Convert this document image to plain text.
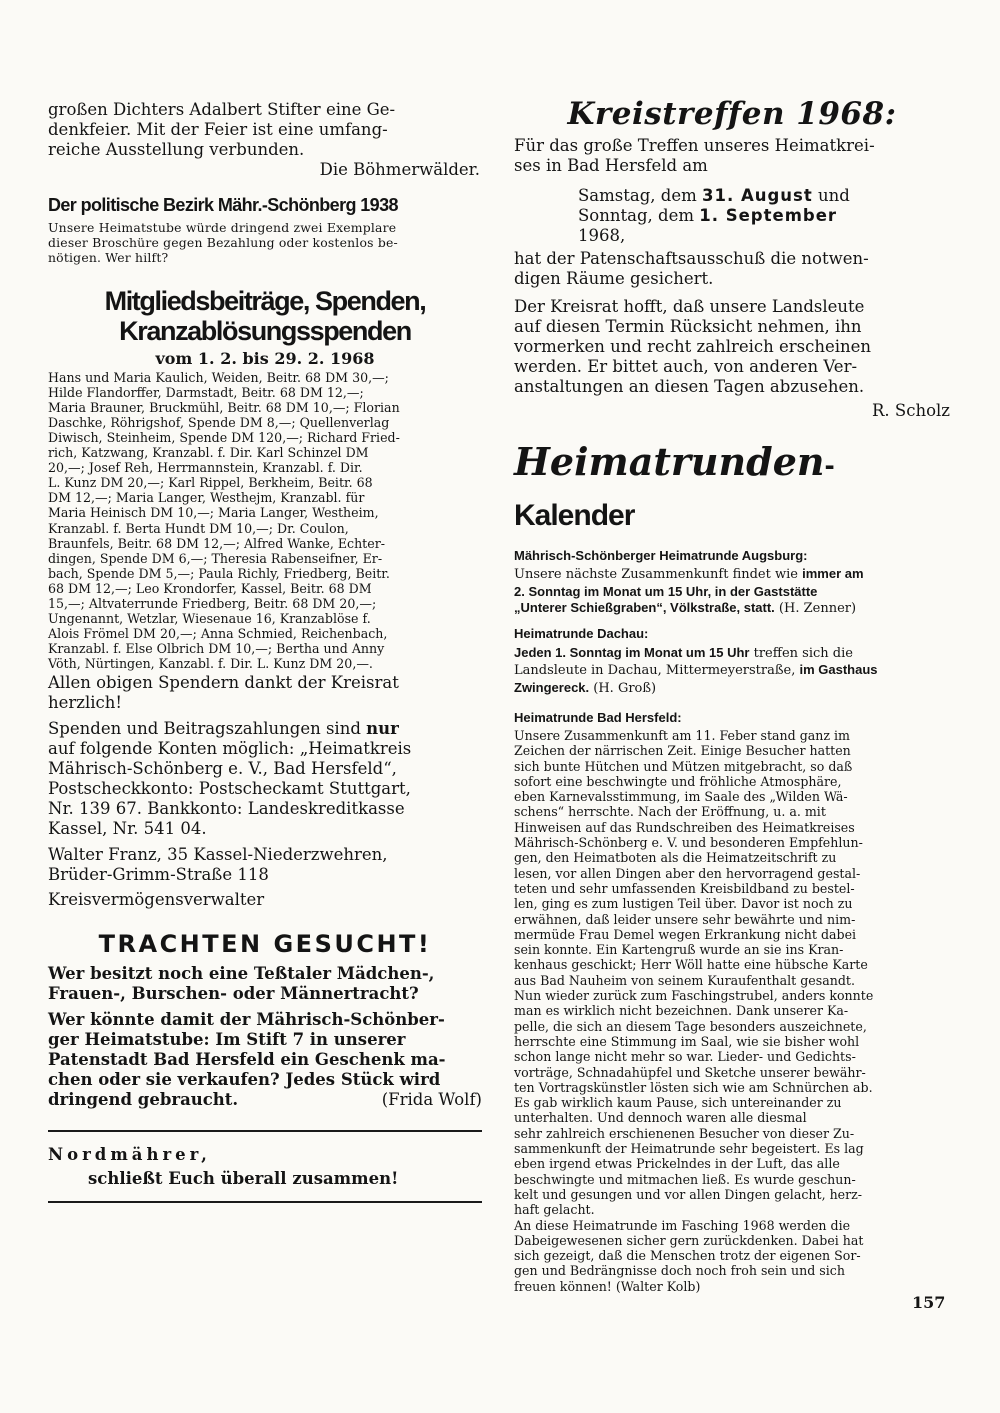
großen Dichters Adalbert Stifter eine Ge-

denkfeier. Mit der Feier ist eine umfang-

reiche Ausstellung verbunden.

Die Böhmerwälder.

Der politische Bezirk Mähr.-Schönberg 1938

Unsere Heimatstube würde dringend zwei Exemplare

dieser Broschüre gegen Bezahlung oder kostenlos be-

nötigen. Wer hilft?

Mitgliedsbeiträge, Spenden,

Kranzablösungsspenden

vom 1. 2. bis 29. 2. 1968

Hans und Maria Kaulich, Weiden, Beitr. 68 DM 30,—;

Hilde Flandorffer, Darmstadt, Beitr. 68 DM 12,—;

Maria Brauner, Bruckmühl, Beitr. 68 DM 10,—; Florian

Daschke, Röhrigshof, Spende DM 8,—; Quellenverlag

Diwisch, Steinheim, Spende DM 120,—; Richard Fried-

rich, Katzwang, Kranzabl. f. Dir. Karl Schinzel DM

20,—; Josef Reh, Herrmannstein, Kranzabl. f. Dir.

L. Kunz DM 20,—; Karl Rippel, Berkheim, Beitr. 68

DM 12,—; Maria Langer, Westhejm, Kranzabl. für

Maria Heinisch DM 10,—; Maria Langer, Westheim,

Kranzabl. f. Berta Hundt DM 10,—; Dr. Coulon,

Braunfels, Beitr. 68 DM 12,—; Alfred Wanke, Echter-

dingen, Spende DM 6,—; Theresia Rabenseifner, Er-

bach, Spende DM 5,—; Paula Richly, Friedberg, Beitr.

68 DM 12,—; Leo Krondorfer, Kassel, Beitr. 68 DM

15,—; Altvaterrunde Friedberg, Beitr. 68 DM 20,—;

Ungenannt, Wetzlar, Wiesenaue 16, Kranzablöse f.

Alois Frömel DM 20,—; Anna Schmied, Reichenbach,

Kranzabl. f. Else Olbrich DM 10,—; Bertha und Anny

Vöth, Nürtingen, Kanzabl. f. Dir. L. Kunz DM 20,—.

Allen obigen Spendern dankt der Kreisrat

herzlich!

Spenden und Beitragszahlungen sind nur

auf folgende Konten möglich: „Heimatkreis

Mährisch-Schönberg e. V., Bad Hersfeld“,

Postscheckkonto: Postscheckamt Stuttgart,

Nr. 139 67. Bankkonto: Landeskreditkasse

Kassel, Nr. 541 04.

Walter Franz, 35 Kassel-Niederzwehren,

Brüder-Grimm-Straße 118

Kreisvermögensverwalter

TRACHTEN GESUCHT!

Wer besitzt noch eine Teßtaler Mädchen-,

Frauen-, Burschen- oder Männertracht?

Wer könnte damit der Mährisch-Schönber-

ger Heimatstube: Im Stift 7 in unserer

Patenstadt Bad Hersfeld ein Geschenk ma-

chen oder sie verkaufen? Jedes Stück wird

dringend gebraucht.	(Frida Wolf)

Nordmährer,

schließt Euch überall zusammen!

Kreistreffen 1968:

Für das große Treffen unseres Heimatkrei-

ses in Bad Hersfeld am

Samstag, dem 31. August und

Sonntag, dem 1. September

1968,

hat der Patenschaftsausschuß die notwen-

digen Räume gesichert.

Der Kreisrat hofft, daß unsere Landsleute

auf diesen Termin Rücksicht nehmen, ihn

vormerken und recht zahlreich erscheinen

werden. Er bittet auch, von anderen Ver-

anstaltungen an diesen Tagen abzusehen.

R. Scholz

Heimatrunden-Kalender

Mährisch-Schönberger Heimatrunde Augsburg:

Unsere nächste Zusammenkunft findet wie immer am

2. Sonntag im Monat um 15 Uhr, in der Gaststätte

„Unterer Schießgraben“, Völkstraße, statt. (H. Zenner)

Heimatrunde Dachau:

Jeden 1. Sonntag im Monat um 15 Uhr treffen sich die

Landsleute in Dachau, Mittermeyerstraße, im Gasthaus

Zwingereck. (H. Groß)

Heimatrunde Bad Hersfeld:

Unsere Zusammenkunft am 11. Feber stand ganz im

Zeichen der närrischen Zeit. Einige Besucher hatten

sich bunte Hütchen und Mützen mitgebracht, so daß

sofort eine beschwingte und fröhliche Atmosphäre,

eben Karnevalsstimmung, im Saale des „Wilden Wä-

schens“ herrschte. Nach der Eröffnung, u. a. mit

Hinweisen auf das Rundschreiben des Heimatkreises

Mährisch-Schönberg e. V. und besonderen Empfehlun-

gen, den Heimatboten als die Heimatzeitschrift zu

lesen, vor allen Dingen aber den hervorragend gestal-

teten und sehr umfassenden Kreisbildband zu bestel-

len, ging es zum lustigen Teil über. Davor ist noch zu

erwähnen, daß leider unsere sehr bewährte und nim-

mermüde Frau Demel wegen Erkrankung nicht dabei

sein konnte. Ein Kartengruß wurde an sie ins Kran-

kenhaus geschickt; Herr Wöll hatte eine hübsche Karte

aus Bad Nauheim von seinem Kuraufenthalt gesandt.

Nun wieder zurück zum Faschingstrubel, anders konnte

man es wirklich nicht bezeichnen. Dank unserer Ka-

pelle, die sich an diesem Tage besonders auszeichnete,

herrschte eine Stimmung im Saal, wie sie bisher wohl

schon lange nicht mehr so war. Lieder- und Gedichts-

vorträge, Schnadahüpfel und Sketche unserer bewähr-

ten Vortragskünstler lösten sich wie am Schnürchen ab.

Es gab wirklich kaum Pause, sich untereinander zu

unterhalten. Und dennoch waren alle diesmal

sehr zahlreich erschienenen Besucher von dieser Zu-

sammenkunft der Heimatrunde sehr begeistert. Es lag

eben irgend etwas Prickelndes in der Luft, das alle

beschwingte und mitmachen ließ. Es wurde geschun-

kelt und gesungen und vor allen Dingen gelacht, herz-

haft gelacht.

An diese Heimatrunde im Fasching 1968 werden die

Dabeigewesenen sicher gern zurückdenken. Dabei hat

sich gezeigt, daß die Menschen trotz der eigenen Sor-

gen und Bedrängnisse doch noch froh sein und sich

freuen können! (Walter Kolb)

157
